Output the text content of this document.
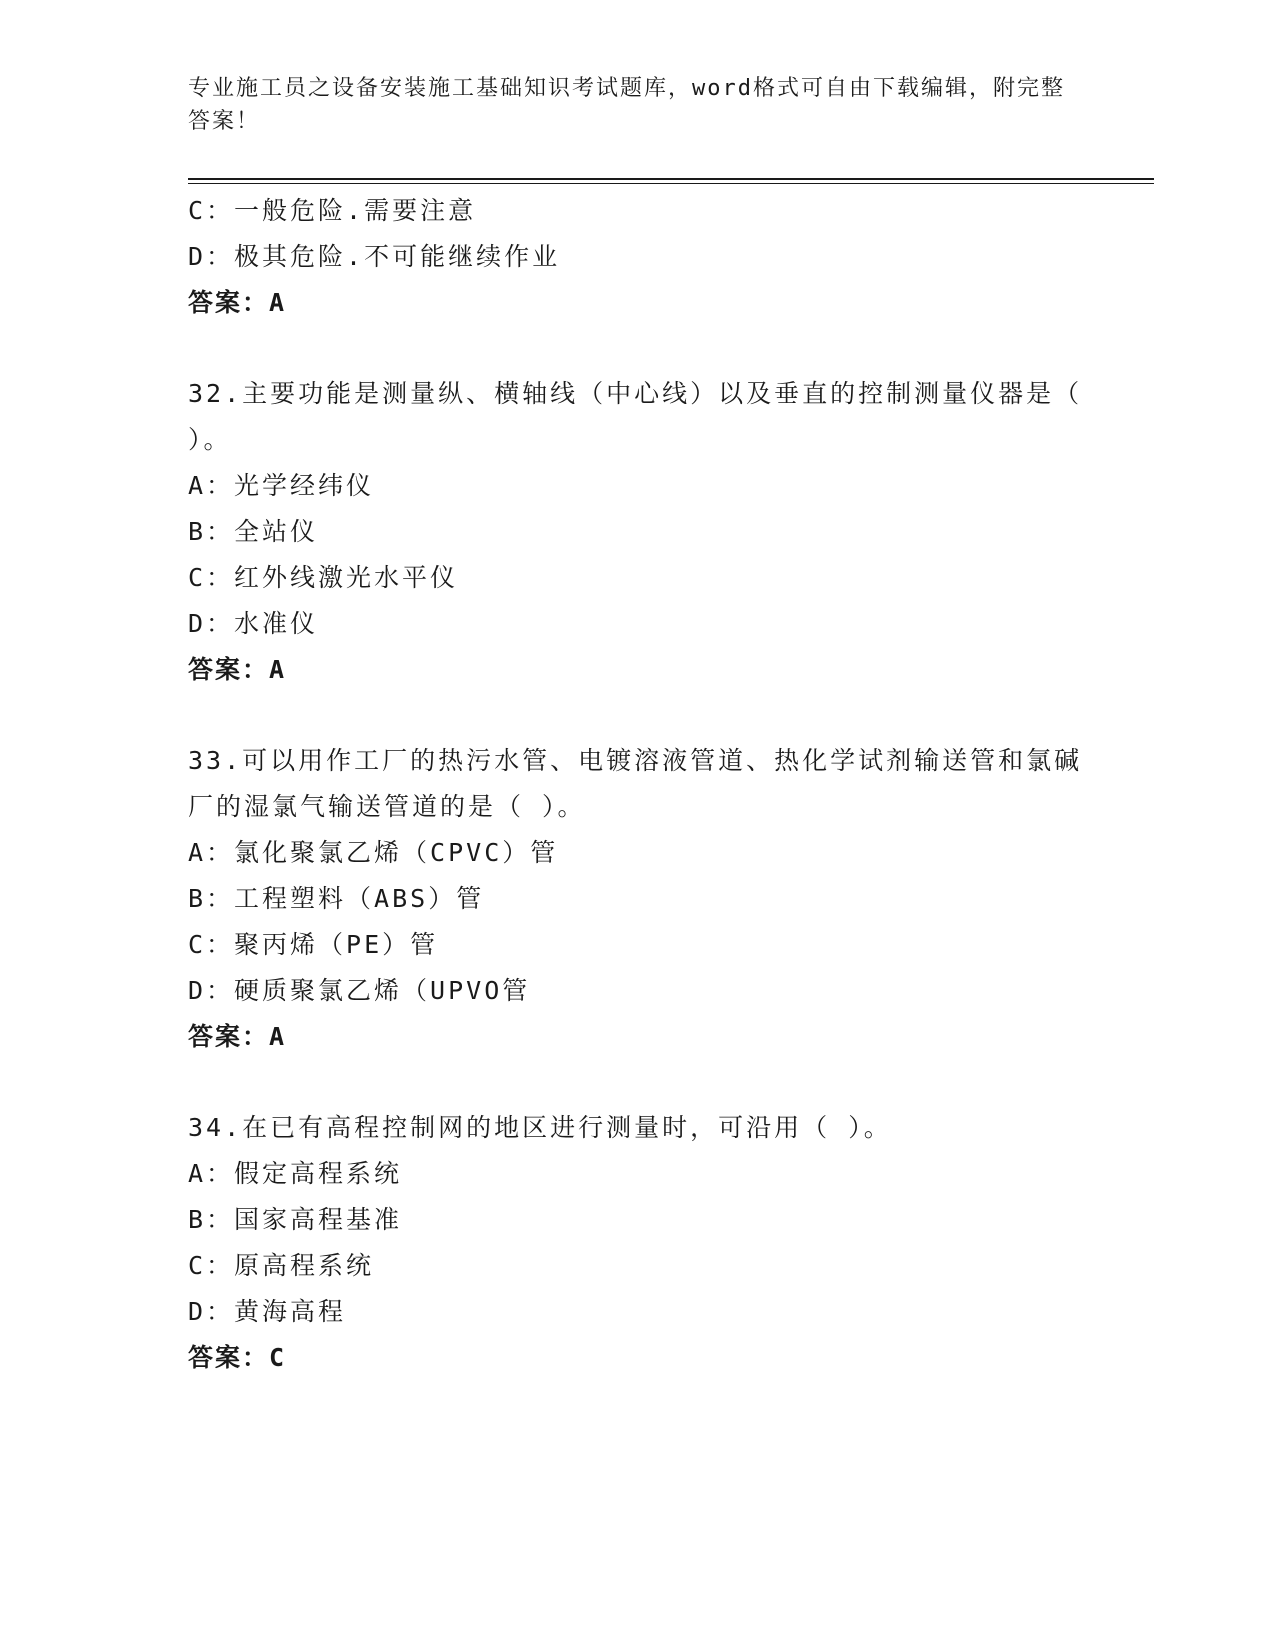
专业施工员之设备安装施工基础知识考试题库，word格式可自由下载编辑，附完整答案！
C：一般危险.需要注意
D：极其危险.不可能继续作业
答案：A
32.主要功能是测量纵、横轴线（中心线）以及垂直的控制测量仪器是（ ）。
A：光学经纬仪
B：全站仪
C：红外线激光水平仪
D：水准仪
答案：A
33.可以用作工厂的热污水管、电镀溶液管道、热化学试剂输送管和氯碱厂的湿氯气输送管道的是（ ）。
A：氯化聚氯乙烯（CPVC）管
B：工程塑料（ABS）管
C：聚丙烯（PE）管
D：硬质聚氯乙烯（UPVO管
答案：A
34.在已有高程控制网的地区进行测量时，可沿用（ ）。
A：假定高程系统
B：国家高程基准
C：原高程系统
D：黄海高程
答案：C
